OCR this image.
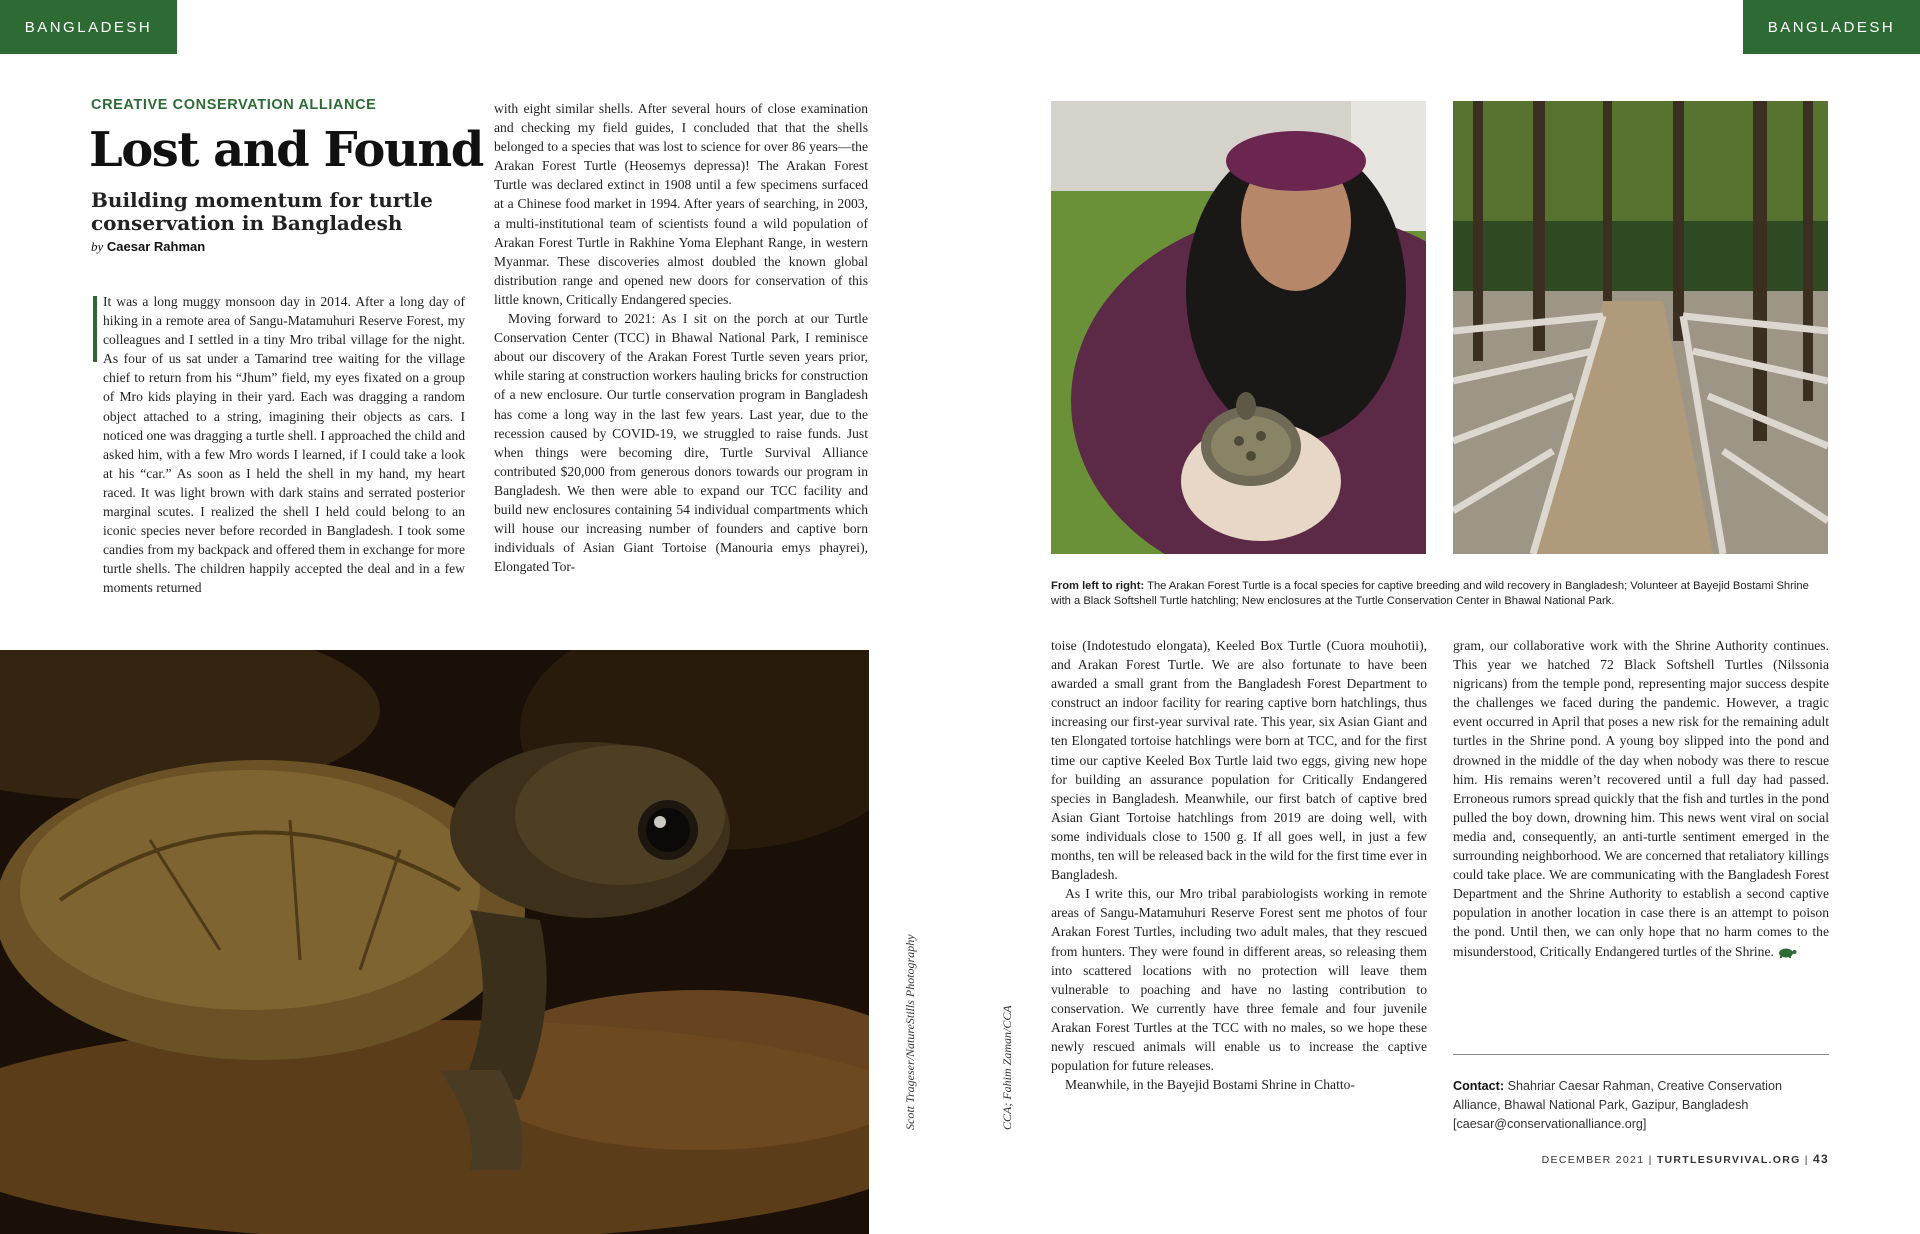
BANGLADESH	BANGLADESH
CREATIVE CONSERVATION ALLIANCE
Lost and Found
Building momentum for turtle conservation in Bangladesh
by Caesar Rahman

It was a long muggy monsoon day in 2014. After a long day of hiking in a remote area of Sangu-Matamuhuri Reserve Forest, my colleagues and I settled in a tiny Mro tribal village for the night. As four of us sat under a Tamarind tree waiting for the village chief to return from his “Jhum” field, my eyes fixated on a group of Mro kids playing in their yard. Each was dragging a random object attached to a string, imagining their objects as cars. I noticed one was dragging a turtle shell. I approached the child and asked him, with a few Mro words I learned, if I could take a look at his “car.” As soon as I held the shell in my hand, my heart raced. It was light brown with dark stains and serrated posterior marginal scutes. I realized the shell I held could belong to an iconic species never before recorded in Bangladesh. I took some candies from my backpack and offered them in exchange for more turtle shells. The children happily accepted the deal and in a few moments returned

with eight similar shells. After several hours of close examination and checking my field guides, I concluded that that the shells belonged to a species that was lost to science for over 86 years—the Arakan Forest Turtle (Heosemys depressa)! The Arakan Forest Turtle was declared extinct in 1908 until a few specimens surfaced at a Chinese food market in 1994. After years of searching, in 2003, a multi-institutional team of scientists found a wild population of Arakan Forest Turtle in Rakhine Yoma Elephant Range, in western Myanmar. These discoveries almost doubled the known global distribution range and opened new doors for conservation of this little known, Critically Endangered species.

Moving forward to 2021: As I sit on the porch at our Turtle Conservation Center (TCC) in Bhawal National Park, I reminisce about our discovery of the Arakan Forest Turtle seven years prior, while staring at construction workers hauling bricks for construction of a new enclosure. Our turtle conservation program in Bangladesh has come a long way in the last few years. Last year, due to the recession caused by COVID-19, we struggled to raise funds. Just when things were becoming dire, Turtle Survival Alliance contributed $20,000 from generous donors towards our program in Bangladesh. We then were able to expand our TCC facility and build new enclosures containing 54 individual compartments which will house our increasing number of founders and captive born individuals of Asian Giant Tortoise (Manouria emys phayrei), Elongated Tor-

toise (Indotestudo elongata), Keeled Box Turtle (Cuora mouhotii), and Arakan Forest Turtle. We are also fortunate to have been awarded a small grant from the Bangladesh Forest Department to construct an indoor facility for rearing captive born hatchlings, thus increasing our first-year survival rate. This year, six Asian Giant and ten Elongated tortoise hatchlings were born at TCC, and for the first time our captive Keeled Box Turtle laid two eggs, giving new hope for building an assurance population for Critically Endangered species in Bangladesh. Meanwhile, our first batch of captive bred Asian Giant Tortoise hatchlings from 2019 are doing well, with some individuals close to 1500 g. If all goes well, in just a few months, ten will be released back in the wild for the first time ever in Bangladesh.

As I write this, our Mro tribal parabiologists working in remote areas of Sangu-Matamuhuri Reserve Forest sent me photos of four Arakan Forest Turtles, including two adult males, that they rescued from hunters. They were found in different areas, so releasing them into scattered locations with no protection will leave them vulnerable to poaching and have no lasting contribution to conservation. We currently have three female and four juvenile Arakan Forest Turtles at the TCC with no males, so we hope these newly rescued animals will enable us to increase the captive population for future releases.

Meanwhile, in the Bayejid Bostami Shrine in Chatto-

gram, our collaborative work with the Shrine Authority continues. This year we hatched 72 Black Softshell Turtles (Nilssonia nigricans) from the temple pond, representing major success despite the challenges we faced during the pandemic. However, a tragic event occurred in April that poses a new risk for the remaining adult turtles in the Shrine pond. A young boy slipped into the pond and drowned in the middle of the day when nobody was there to rescue him. His remains weren’t recovered until a full day had passed. Erroneous rumors spread quickly that the fish and turtles in the pond pulled the boy down, drowning him. This news went viral on social media and, consequently, an anti-turtle sentiment emerged in the surrounding neighborhood. We are concerned that retaliatory killings could take place. We are communicating with the Bangladesh Forest Department and the Shrine Authority to establish a second captive population in another location in case there is an attempt to poison the pond. Until then, we can only hope that no harm comes to the misunderstood, Critically Endangered turtles of the Shrine.

From left to right: The Arakan Forest Turtle is a focal species for captive breeding and wild recovery in Bangladesh; Volunteer at Bayejid Bostami Shrine with a Black Softshell Turtle hatchling; New enclosures at the Turtle Conservation Center in Bhawal National Park.
Scott Trageser/NatureStills Photography	CCA; Fahim Zaman/CCA	Contact: Shahriar Caesar Rahman, Creative Conservation Alliance, Bhawal National Park, Gazipur, Bangladesh [caesar@conservationalliance.org]
DECEMBER 2021 | TURTLESURVIVAL.ORG | 43
